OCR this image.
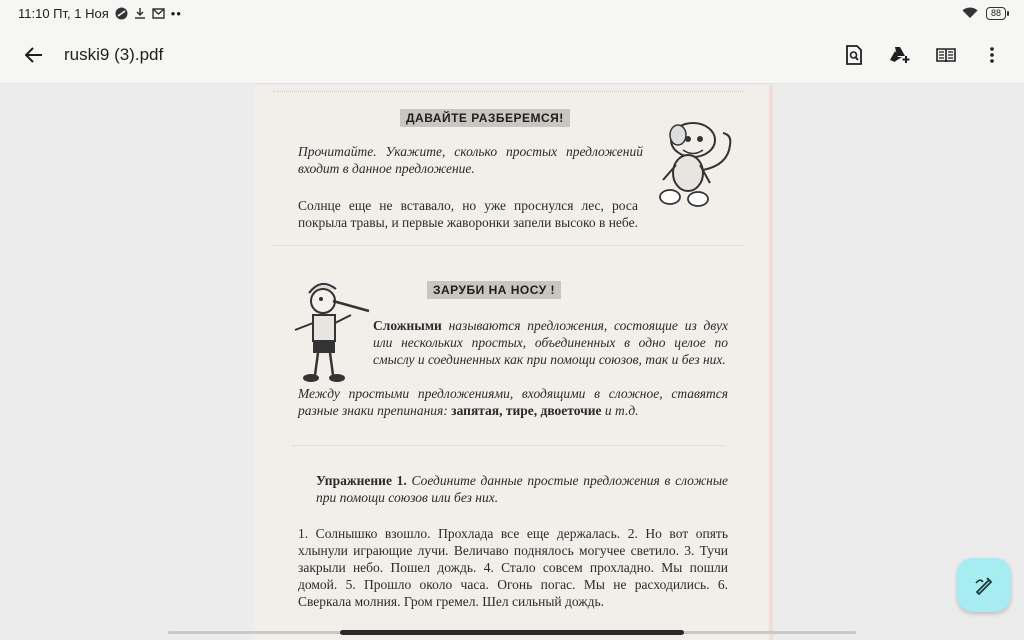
11:10 Пт, 1 Ноя	••	88
ruski9 (3).pdf
ДАВАЙТЕ РАЗБЕРЕМСЯ!
Прочитайте. Укажите, сколько простых предложений входит в данное предложение.
Солнце еще не вставало, но уже проснулся лес, роса покрыла травы, и первые жаворонки запели высоко в небе.
ЗАРУБИ НА НОСУ !
Сложными называются предложения, состоящие из двух или нескольких простых, объединенных в одно целое по смыслу и соединенных как при помощи союзов, так и без них.
Между простыми предложениями, входящими в сложное, ставятся разные знаки препинания: запятая, тире, двоеточие и т.д.
Упражнение 1. Соедините данные простые предложения в сложные при помощи союзов или без них.
1. Солнышко взошло. Прохлада все еще держалась. 2. Но вот опять хлынули играющие лучи. Величаво поднялось могучее светило. 3. Тучи закрыли небо. Пошел дождь. 4. Стало совсем прохладно. Мы пошли домой. 5. Прошло около часа. Огонь погас. Мы не расходились. 6. Сверкала молния. Гром гремел. Шел сильный дождь.
